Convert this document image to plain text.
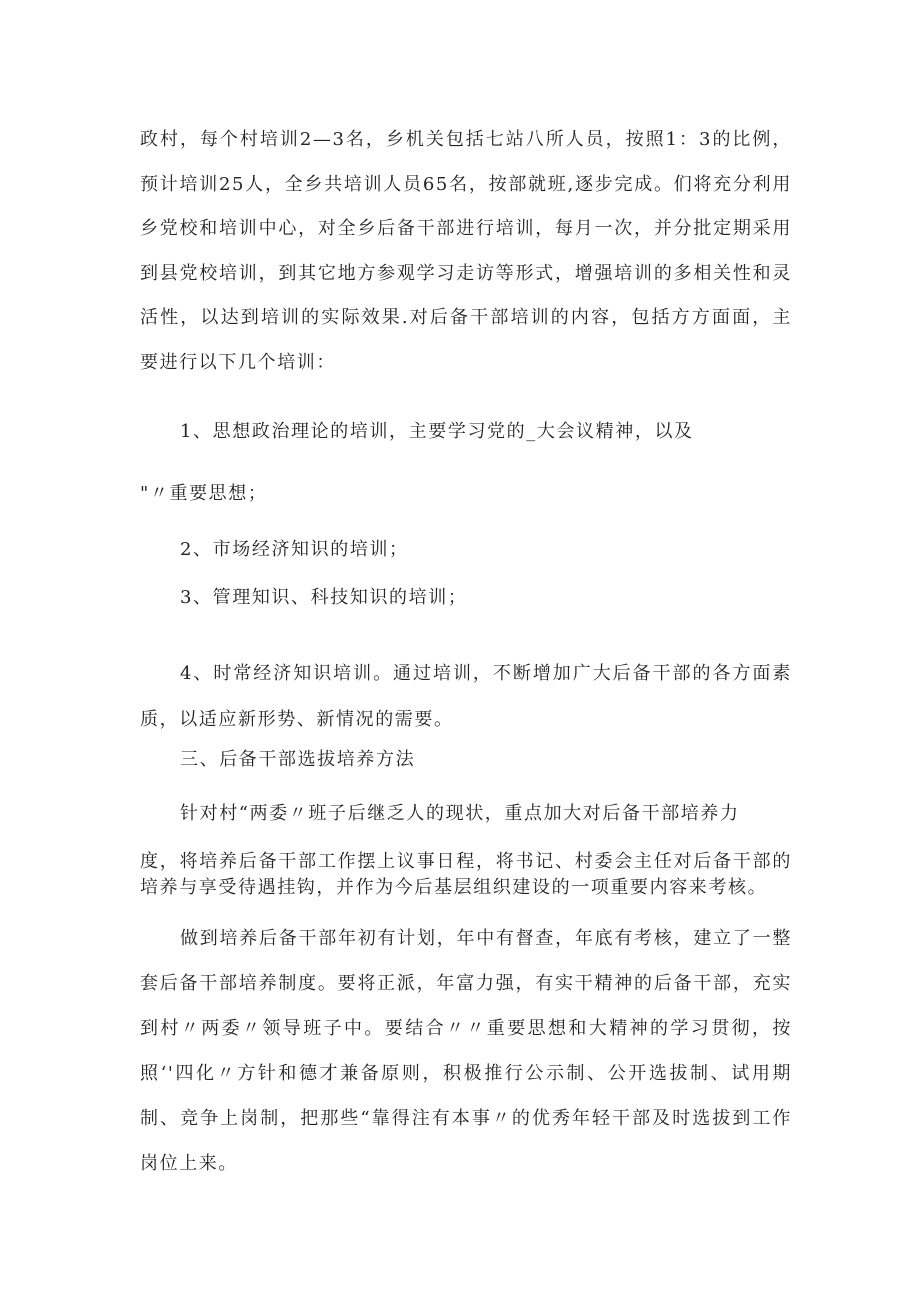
政村，每个村培训2—3名，乡机关包括七站八所人员，按照1：3的比例，预计培训25人，全乡共培训人员65名，按部就班,逐步完成。们将充分利用乡党校和培训中心，对全乡后备干部进行培训，每月一次，并分批定期采用到县党校培训，到其它地方参观学习走访等形式，增强培训的多相关性和灵活性，以达到培训的实际效果.对后备干部培训的内容，包括方方面面，主要进行以下几个培训：

1、思想政治理论的培训，主要学习党的_大会议精神，以及

"〃重要思想；

2、市场经济知识的培训；

3、管理知识、科技知识的培训；

4、时常经济知识培训。通过培训，不断增加广大后备干部的各方面素质，以适应新形势、新情况的需要。

三、后备干部选拔培养方法

针对村“两委〃班子后继乏人的现状，重点加大对后备干部培养力

度，将培养后备干部工作摆上议事日程，将书记、村委会主任对后备干部的培养与享受待遇挂钩，并作为今后基层组织建设的一项重要内容来考核。

做到培养后备干部年初有计划，年中有督查，年底有考核，建立了一整套后备干部培养制度。要将正派，年富力强，有实干精神的后备干部，充实到村〃两委〃领导班子中。要结合〃〃重要思想和大精神的学习贯彻，按照‘'四化〃方针和德才兼备原则，积极推行公示制、公开选拔制、试用期制、竞争上岗制，把那些“靠得注有本事〃的优秀年轻干部及时选拔到工作岗位上来。
